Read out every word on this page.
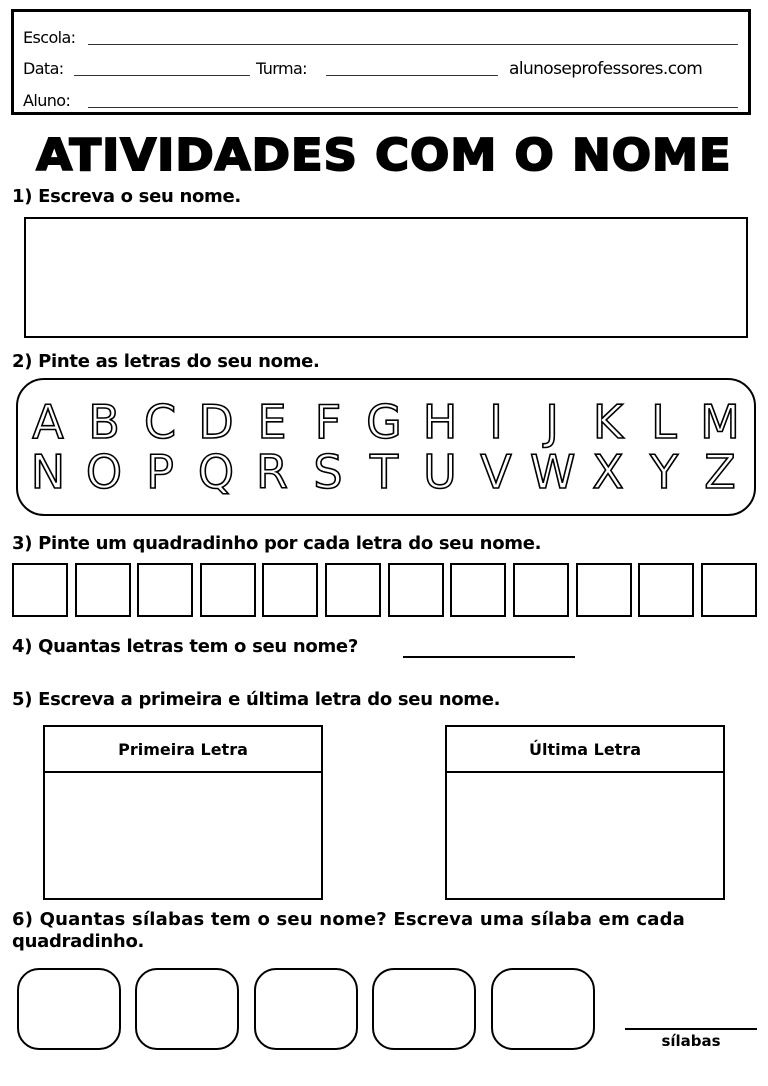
Escola:
Data:	Turma:	alunoseprofessores.com
Aluno:
ATIVIDADES COM O NOME
1) Escreva o seu nome.
2) Pinte as letras do seu nome.
A B C D E F G H I J K L M
N O P Q R S T U V W X Y Z
3) Pinte um quadradinho por cada letra do seu nome.
4) Quantas letras tem o seu nome?
5) Escreva a primeira e última letra do seu nome.
Primeira Letra	Última Letra
6) Quantas sílabas tem o seu nome? Escreva uma sílaba em cada
quadradinho.
sílabas
